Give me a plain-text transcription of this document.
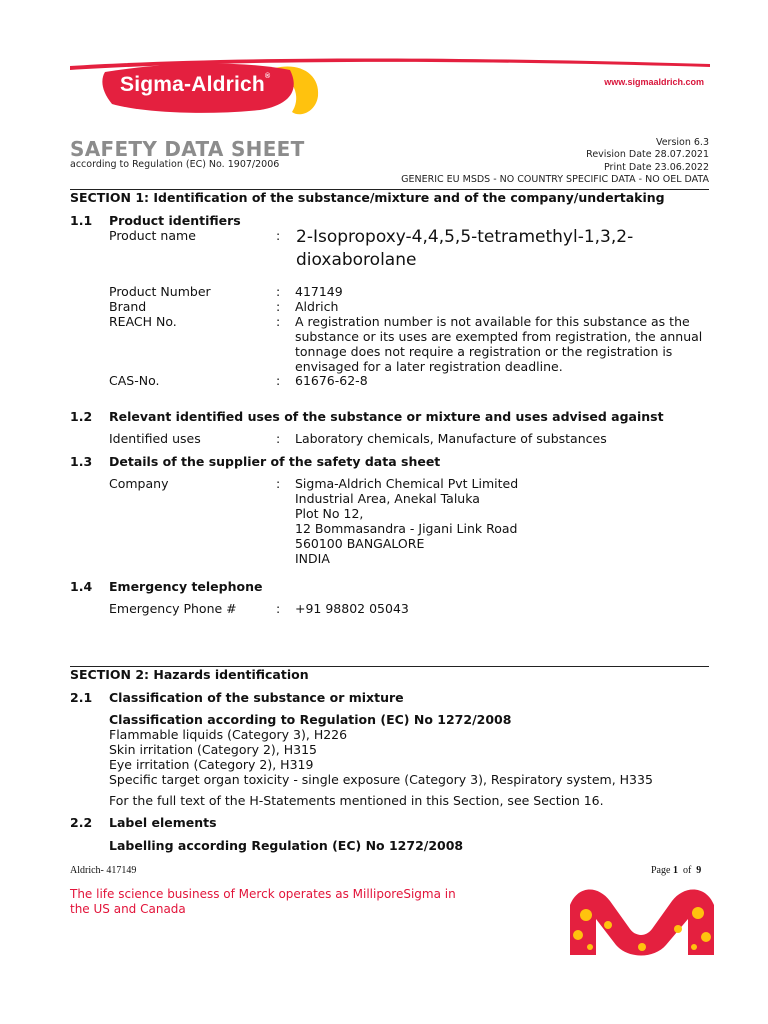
Sigma-Aldrich®
www.sigmaaldrich.com
SAFETY DATA SHEET
according to Regulation (EC) No. 1907/2006
Version 6.3
Revision Date 28.07.2021
Print Date 23.06.2022
GENERIC EU MSDS - NO COUNTRY SPECIFIC DATA - NO OEL DATA
SECTION 1: Identification of the substance/mixture and of the company/undertaking
1.1 Product identifiers
Product name	: 2-Isopropoxy-4,4,5,5-tetramethyl-1,3,2-dioxaborolane
Product Number	: 417149
Brand	: Aldrich
REACH No.	: A registration number is not available for this substance as the substance or its uses are exempted from registration, the annual tonnage does not require a registration or the registration is envisaged for a later registration deadline.
CAS-No.	: 61676-62-8
1.2 Relevant identified uses of the substance or mixture and uses advised against
Identified uses	: Laboratory chemicals, Manufacture of substances
1.3 Details of the supplier of the safety data sheet
Company	: Sigma-Aldrich Chemical Pvt Limited
Industrial Area, Anekal Taluka
Plot No 12,
12 Bommasandra - Jigani Link Road
560100 BANGALORE
INDIA
1.4 Emergency telephone
Emergency Phone #	: +91 98802 05043
SECTION 2: Hazards identification
2.1 Classification of the substance or mixture
Classification according to Regulation (EC) No 1272/2008
Flammable liquids (Category 3), H226
Skin irritation (Category 2), H315
Eye irritation (Category 2), H319
Specific target organ toxicity - single exposure (Category 3), Respiratory system, H335
For the full text of the H-Statements mentioned in this Section, see Section 16.
2.2 Label elements
Labelling according Regulation (EC) No 1272/2008
Aldrich- 417149	Page 1 of 9
The life science business of Merck operates as MilliporeSigma in the US and Canada
